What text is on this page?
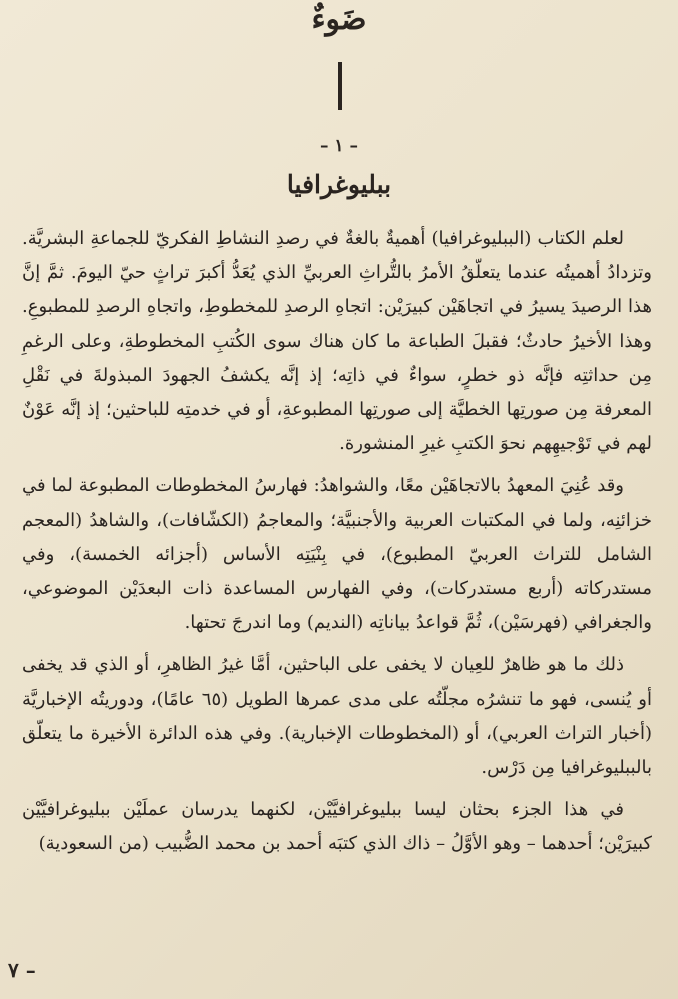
ضَوءٌ
– ١ –
ببليوغرافيا

لعلم الكتاب (الببليوغرافيا) أهميةٌ بالغةٌ في رصدِ النشاطِ الفكريّ للجماعةِ البشريَّة. وتزدادُ أهميتُه عندما يتعلّقُ الأمرُ بالتُّراثِ العربيِّ الذي يُعَدُّ أكبرَ تراثٍ حيّ اليومَ. ثمَّ إنَّ هذا الرصيدَ يسيرُ في اتجاهَيْن كبيرَيْن: اتجاهِ الرصدِ للمخطوطِ، واتجاهِ الرصدِ للمطبوعِ. وهذا الأخيرُ حادثٌ؛ فقبلَ الطباعة ما كان هناك سوى الكُتبِ المخطوطةِ، وعلى الرغمِ مِن حداثتِه فإنَّه ذو خطرٍ، سواءٌ في ذاتِه؛ إذ إنَّه يكشفُ الجهودَ المبذولةَ في نَقْلِ المعرفة مِن صورتِها الخطيَّة إلى صورتِها المطبوعةِ، أو في خدمتِه للباحثين؛ إذ إنَّه عَوْنٌ لهم في تَوْجيهِهم نحوَ الكتبِ غيرِ المنشورة.

وقد عُنِيَ المعهدُ بالاتجاهَيْن معًا، والشواهدُ: فهارسُ المخطوطات المطبوعة لما في خزائنِه، ولما في المكتبات العربية والأجنبيَّة؛ والمعاجمُ (الكشّافات)، والشاهدُ (المعجم الشامل للتراث العربيّ المطبوع)، في بِنْيَتِه الأساس (أجزائه الخمسة)، وفي مستدركاته (أربع مستدركات)، وفي الفهارس المساعدة ذات البعدَيْن الموضوعي، والجغرافي (فهرسَيْن)، ثُمَّ قواعدُ بياناتِه (النديم) وما اندرجَ تحتها.

ذلك ما هو ظاهرٌ للعِيان لا يخفى على الباحثين، أمَّا غيرُ الظاهرِ، أو الذي قد يخفى أو يُنسى، فهو ما تنشرُه مجلّتُه على مدى عمرها الطويل (٦٥ عامًا)، ودوريتُه الإخباريَّة (أخبار التراث العربي)، أو (المخطوطات الإخبارية). وفي هذه الدائرة الأخيرة ما يتعلّق بالببليوغرافيا مِن دَرْس.

في هذا الجزء بحثان ليسا ببليوغرافيَّيْن، لكنهما يدرسان عملَيْن ببليوغرافيَّيْن كبيرَيْن؛ أحدهما – وهو الأوَّلُ – ذاك الذي كتبَه أحمد بن محمد الضُّبيب (من السعودية)

٧ –
